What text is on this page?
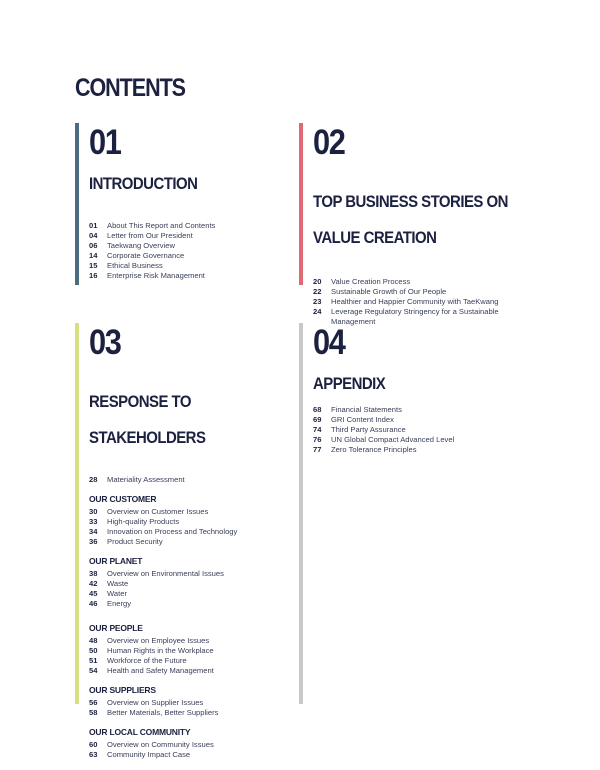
CONTENTS
01
INTRODUCTION
01	About This Report and Contents
04	Letter from Our President
06	Taekwang Overview
14	Corporate Governance
15	Ethical Business
16	Enterprise Risk Management
02

TOP BUSINESS STORIES ON

VALUE CREATION

20	Value Creation Process
22	Sustainable Growth of Our People
23	Healthier and Happier Community with TaeKwang
24	Leverage Regulatory Stringency for a Sustainable
Management
03

RESPONSE TO

STAKEHOLDERS

28	Materiality Assessment
OUR CUSTOMER
30	Overview on Customer Issues
33	High-quality Products
34	Innovation on Process and Technology
36	Product Security
OUR PLANET
38	Overview on Environmental Issues
42	Waste
45	Water
46	Energy
OUR PEOPLE
48	Overview on Employee Issues
50	Human Rights in the Workplace
51	Workforce of the Future
54	Health and Safety Management
OUR SUPPLIERS
56	Overview on Supplier Issues
58	Better Materials, Better Suppliers
OUR LOCAL COMMUNITY
60	Overview on Community Issues
63	Community Impact Case
04
APPENDIX
68	Financial Statements
69	GRI Content Index
74	Third Party Assurance
76	UN Global Compact Advanced Level
77	Zero Tolerance Principles
